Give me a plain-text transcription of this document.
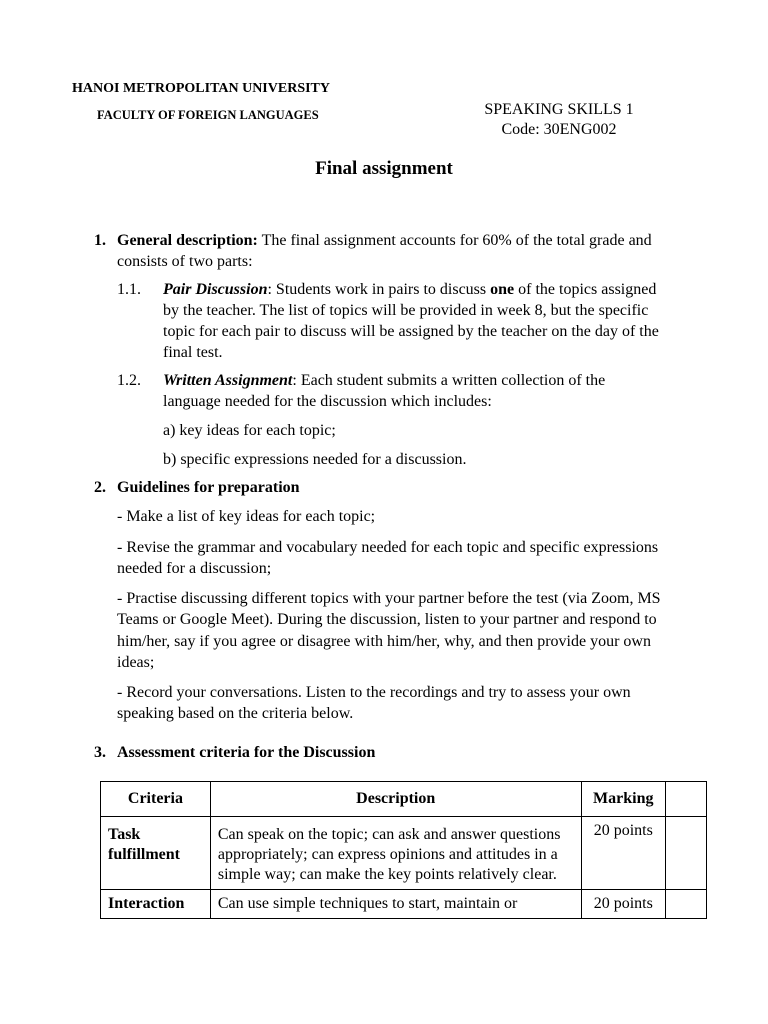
HANOI METROPOLITAN UNIVERSITY
FACULTY OF FOREIGN LANGUAGES	SPEAKING SKILLS 1
Code: 30ENG002
Final assignment
1. General description: The final assignment accounts for 60% of the total grade and
consists of two parts:
1.1. Pair Discussion: Students work in pairs to discuss one of the topics assigned
by the teacher. The list of topics will be provided in week 8, but the specific
topic for each pair to discuss will be assigned by the teacher on the day of the
final test.
1.2. Written Assignment: Each student submits a written collection of the
language needed for the discussion which includes:
a) key ideas for each topic;
b) specific expressions needed for a discussion.
2. Guidelines for preparation
- Make a list of key ideas for each topic;
- Revise the grammar and vocabulary needed for each topic and specific expressions
needed for a discussion;
- Practise discussing different topics with your partner before the test (via Zoom, MS
Teams or Google Meet). During the discussion, listen to your partner and respond to
him/her, say if you agree or disagree with him/her, why, and then provide your own
ideas;
- Record your conversations. Listen to the recordings and try to assess your own
speaking based on the criteria below.
3. Assessment criteria for the Discussion
Criteria	Description	Marking	
Task
fulfillment	Can speak on the topic; can ask and answer questions appropriately; can express opinions and attitudes in a simple way; can make the key points relatively clear.	20 points	
Interaction	Can use simple techniques to start, maintain or	20 points	
